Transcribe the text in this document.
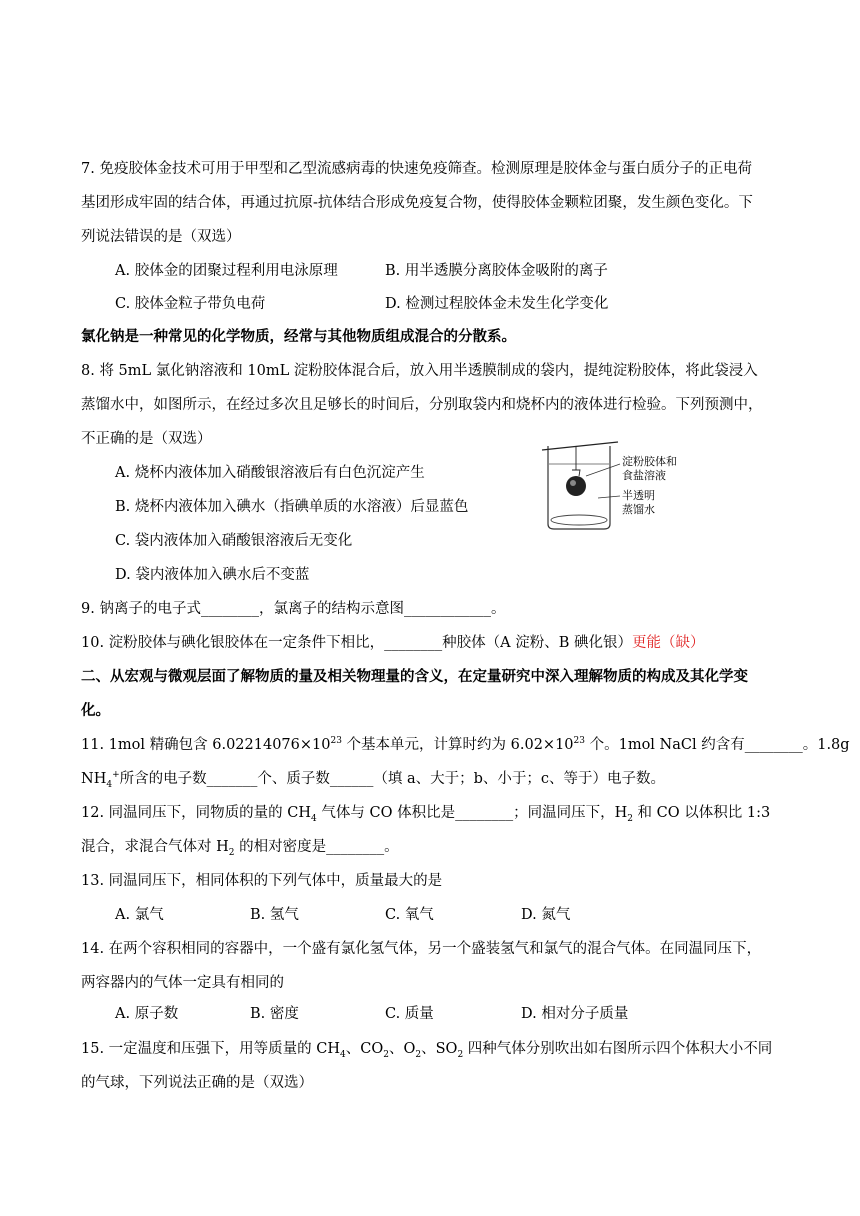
7. 免疫胶体金技术可用于甲型和乙型流感病毒的快速免疫筛查。检测原理是胶体金与蛋白质分子的正电荷
基团形成牢固的结合体，再通过抗原-抗体结合形成免疫复合物，使得胶体金颗粒团聚，发生颜色变化。下
列说法错误的是（双选）
A. 胶体金的团聚过程利用电泳原理	B. 用半透膜分离胶体金吸附的离子
C. 胶体金粒子带负电荷	D. 检测过程胶体金未发生化学变化
氯化钠是一种常见的化学物质，经常与其他物质组成混合的分散系。
8. 将 5mL 氯化钠溶液和 10mL 淀粉胶体混合后，放入用半透膜制成的袋内，提纯淀粉胶体，将此袋浸入
蒸馏水中，如图所示，在经过多次且足够长的时间后，分别取袋内和烧杯内的液体进行检验。下列预测中，
不正确的是（双选）
A. 烧杯内液体加入硝酸银溶液后有白色沉淀产生
B. 烧杯内液体加入碘水（指碘单质的水溶液）后显蓝色
C. 袋内液体加入硝酸银溶液后无变化
D. 袋内液体加入碘水后不变蓝
淀粉胶体和
食盐溶液
半透明
蒸馏水
9. 钠离子的电子式________，氯离子的结构示意图____________。
10. 淀粉胶体与碘化银胶体在一定条件下相比，________种胶体（A 淀粉、B 碘化银）更能（缺）
二、从宏观与微观层面了解物质的量及相关物理量的含义，在定量研究中深入理解物质的构成及其化学变
化。
11. 1mol 精确包含 $6.02214076\times 10^{23}$ 个基本单元，计算时约为 $6.02\times 10^{23}$ 个。1mol NaCl 约含有________。1.8g
$NH_4^+$所含的电子数_______个、质子数______（填 a、大于；b、小于；c、等于）电子数。
12. 同温同压下，同物质的量的 $CH_4$ 气体与 CO 体积比是________；同温同压下，$H_2$ 和 CO 以体积比 1:3
混合，求混合气体对 $H_2$ 的相对密度是________。
13. 同温同压下，相同体积的下列气体中，质量最大的是
A. 氯气	B. 氢气	C. 氧气	D. 氮气
14. 在两个容积相同的容器中，一个盛有氯化氢气体，另一个盛装氢气和氯气的混合气体。在同温同压下，
两容器内的气体一定具有相同的
A. 原子数	B. 密度	C. 质量	D. 相对分子质量
15. 一定温度和压强下，用等质量的 $CH_4$、$CO_2$、$O_2$、$SO_2$ 四种气体分别吹出如右图所示四个体积大小不同
的气球，下列说法正确的是（双选）
